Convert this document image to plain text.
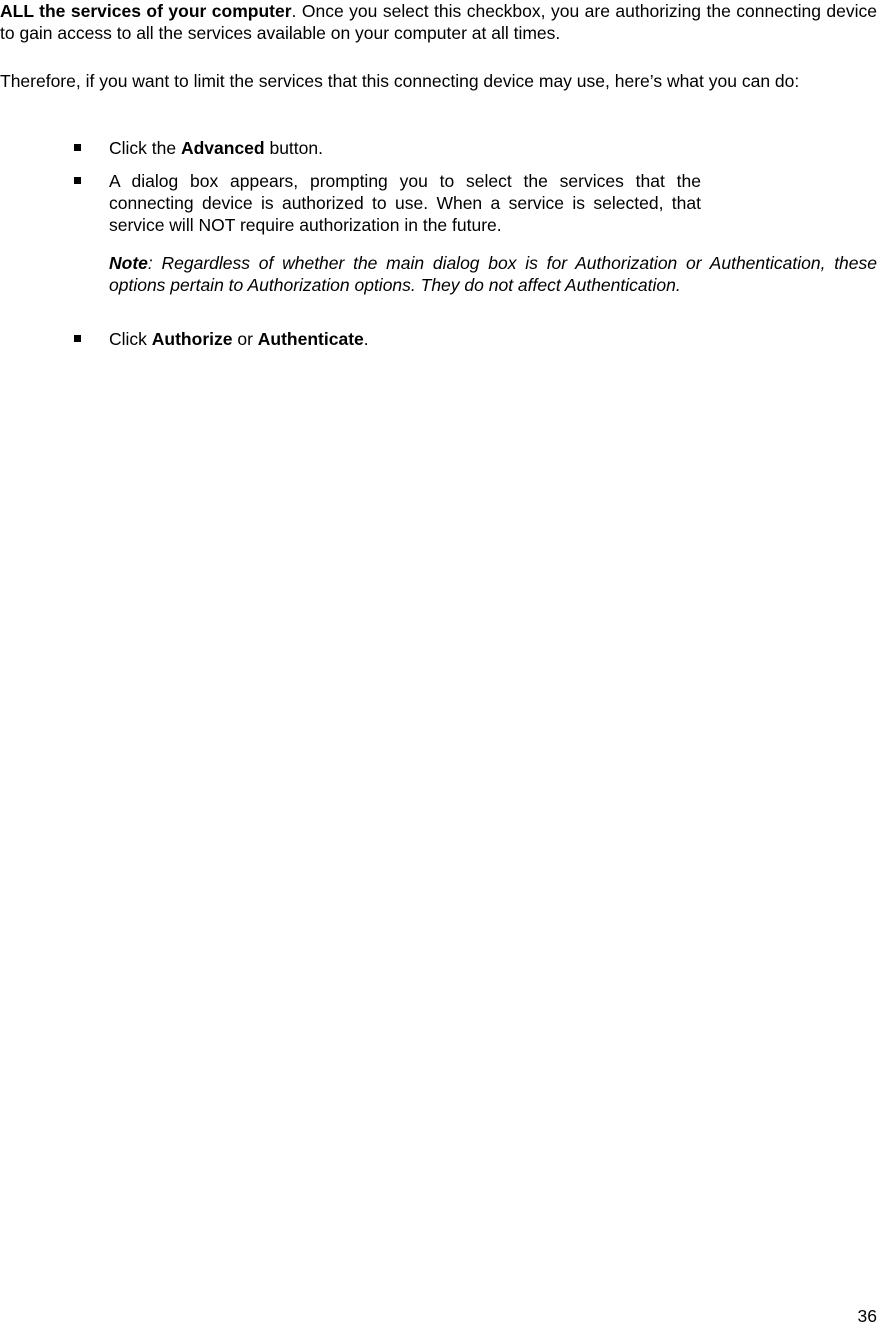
ALL the services of your computer. Once you select this checkbox, you are authorizing the connecting device to gain access to all the services available on your computer at all times.

Therefore, if you want to limit the services that this connecting device may use, here’s what you can do:

Click the Advanced button.
A dialog box appears, prompting you to select the services that the connecting device is authorized to use. When a service is selected, that service will NOT require authorization in the future.

Note: Regardless of whether the main dialog box is for Authorization or Authentication, these options pertain to Authorization options. They do not affect Authentication.

Click Authorize or Authenticate.
36
